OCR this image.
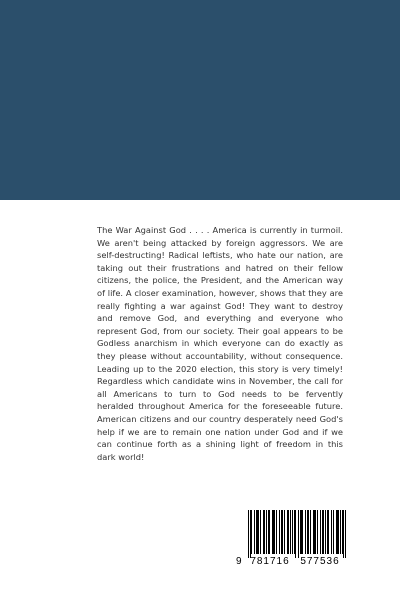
The War Against God . . . . America is currently in turmoil. We aren't being attacked by foreign aggressors. We are self-destructing! Radical leftists, who hate our nation, are taking out their frustrations and hatred on their fellow citizens, the police, the President, and the American way of life. A closer examination, however, shows that they are really fighting a war against God! They want to destroy and remove God, and everything and everyone who represent God, from our society. Their goal appears to be Godless anarchism in which everyone can do exactly as they please without accountability, without consequence. Leading up to the 2020 election, this story is very timely! Regardless which candidate wins in November, the call for all Americans to turn to God needs to be fervently heralded throughout America for the foreseeable future. American citizens and our country desperately need God's help if we are to remain one nation under God and if we can continue forth as a shining light of freedom in this dark world!

9 781716	577536
